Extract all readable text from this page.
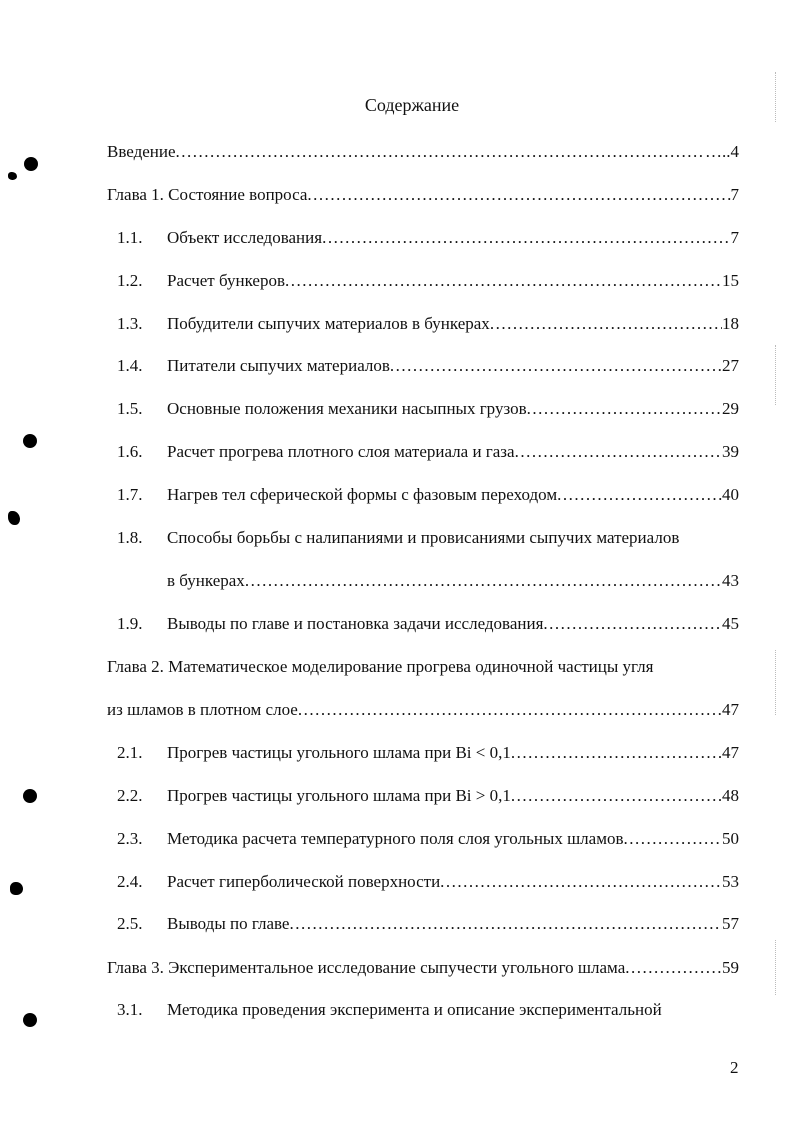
Содержание
Введение .....	…..4
Глава 1. Состояние вопроса .....	7
1.1.	Объект исследования .....	7
1.2.	Расчет бункеров .....	15
1.3.	Побудители сыпучих материалов в бункерах .....	18
1.4.	Питатели сыпучих материалов .....	27
1.5.	Основные положения механики насыпных грузов .....	29
1.6.	Расчет прогрева плотного слоя материала и газа .....	39
1.7.	Нагрев тел сферической формы с фазовым переходом .....	40
1.8. Способы борьбы с налипаниями и провисаниями сыпучих материалов
в бункерах .....	43
1.9.	Выводы по главе и постановка задачи исследования .....	45
Глава 2. Математическое моделирование прогрева одиночной частицы угля
из шламов в плотном слое .....	47
2.1.	Прогрев частицы угольного шлама при Bi < 0,1 .....	47
2.2.	Прогрев частицы угольного шлама при Bi > 0,1 .....	48
2.3.	Методика расчета температурного поля слоя угольных шламов .....	50
2.4.	Расчет гиперболической поверхности .....	53
2.5.	Выводы по главе .....	57
Глава 3. Экспериментальное исследование сыпучести угольного шлама .....	59
3.1. Методика проведения эксперимента и описание экспериментальной
2
